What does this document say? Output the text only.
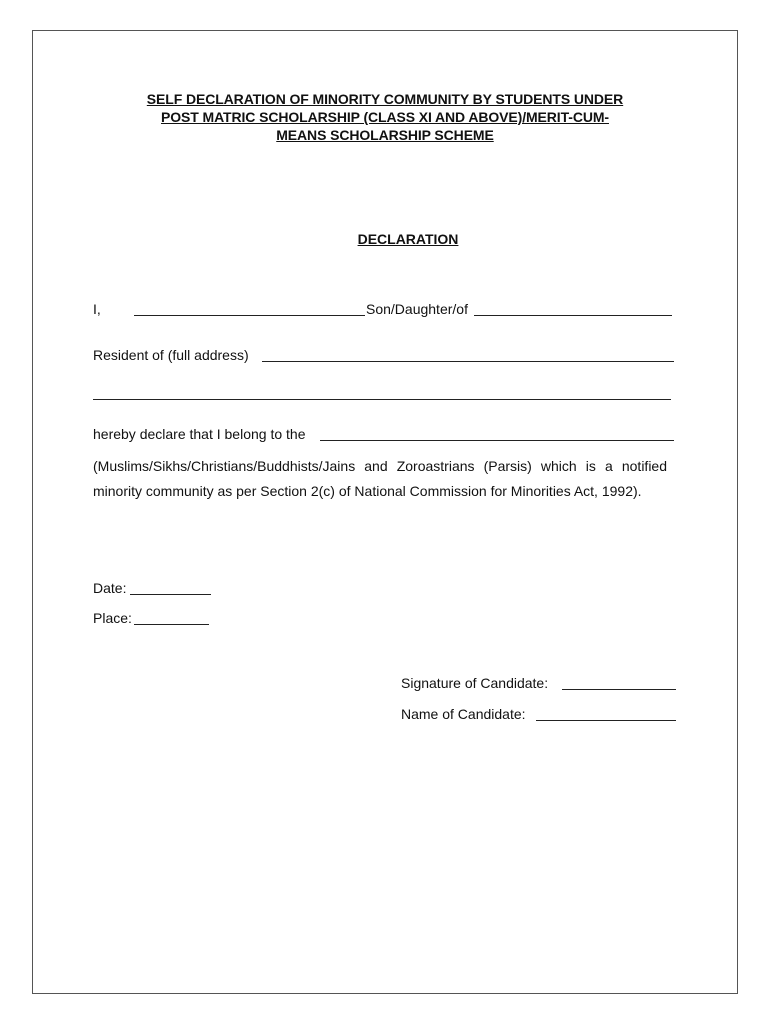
SELF DECLARATION OF MINORITY COMMUNITY BY STUDENTS UNDER

POST MATRIC SCHOLARSHIP (CLASS XI AND ABOVE)/MERIT-CUM-

MEANS SCHOLARSHIP SCHEME

DECLARATION

I,	Son/Daughter/of
Resident of (full address)
hereby declare that I belong to the

(Muslims/Sikhs/Christians/Buddhists/Jains and Zoroastrians (Parsis) which is a notified minority community as per Section 2(c) of National Commission for Minorities Act, 1992).

Date:
Place:
Signature of Candidate:
Name of Candidate:
